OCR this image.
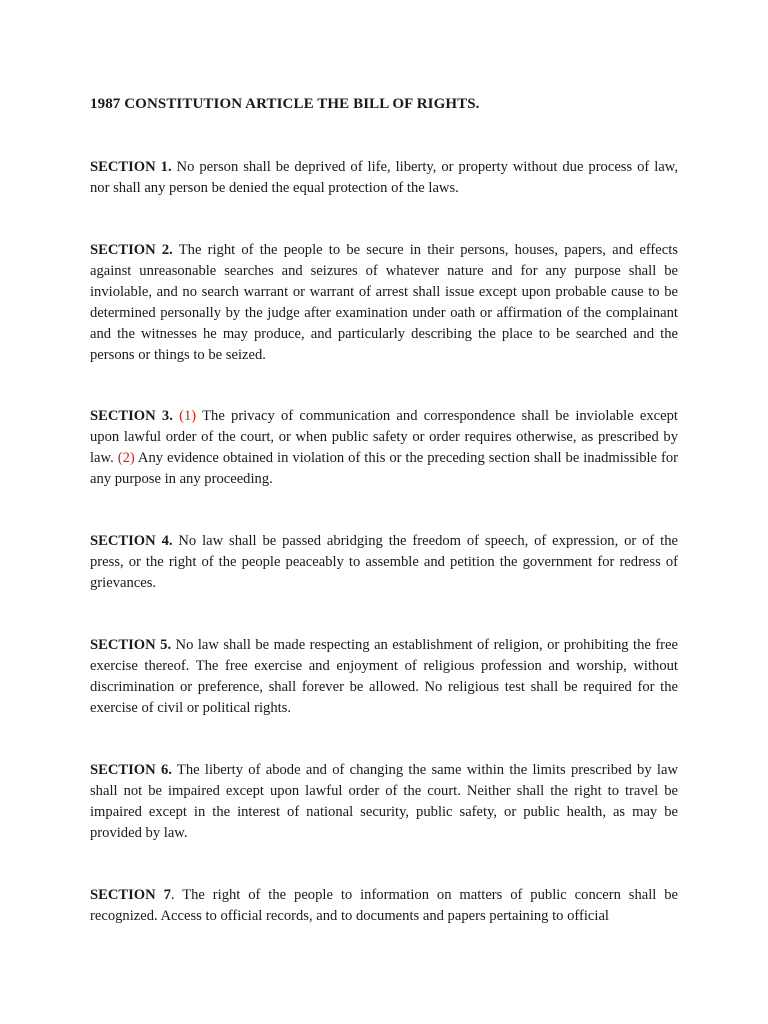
1987 CONSTITUTION ARTICLE THE BILL OF RIGHTS.

SECTION 1. No person shall be deprived of life, liberty, or property without due process of law, nor shall any person be denied the equal protection of the laws.

SECTION 2. The right of the people to be secure in their persons, houses, papers, and effects against unreasonable searches and seizures of whatever nature and for any purpose shall be inviolable, and no search warrant or warrant of arrest shall issue except upon probable cause to be determined personally by the judge after examination under oath or affirmation of the complainant and the witnesses he may produce, and particularly describing the place to be searched and the persons or things to be seized.

SECTION 3. (1) The privacy of communication and correspondence shall be inviolable except upon lawful order of the court, or when public safety or order requires otherwise, as prescribed by law. (2) Any evidence obtained in violation of this or the preceding section shall be inadmissible for any purpose in any proceeding.

SECTION 4. No law shall be passed abridging the freedom of speech, of expression, or of the press, or the right of the people peaceably to assemble and petition the government for redress of grievances.

SECTION 5. No law shall be made respecting an establishment of religion, or prohibiting the free exercise thereof. The free exercise and enjoyment of religious profession and worship, without discrimination or preference, shall forever be allowed. No religious test shall be required for the exercise of civil or political rights.

SECTION 6. The liberty of abode and of changing the same within the limits prescribed by law shall not be impaired except upon lawful order of the court. Neither shall the right to travel be impaired except in the interest of national security, public safety, or public health, as may be provided by law.

SECTION 7. The right of the people to information on matters of public concern shall be recognized. Access to official records, and to documents and papers pertaining to official
